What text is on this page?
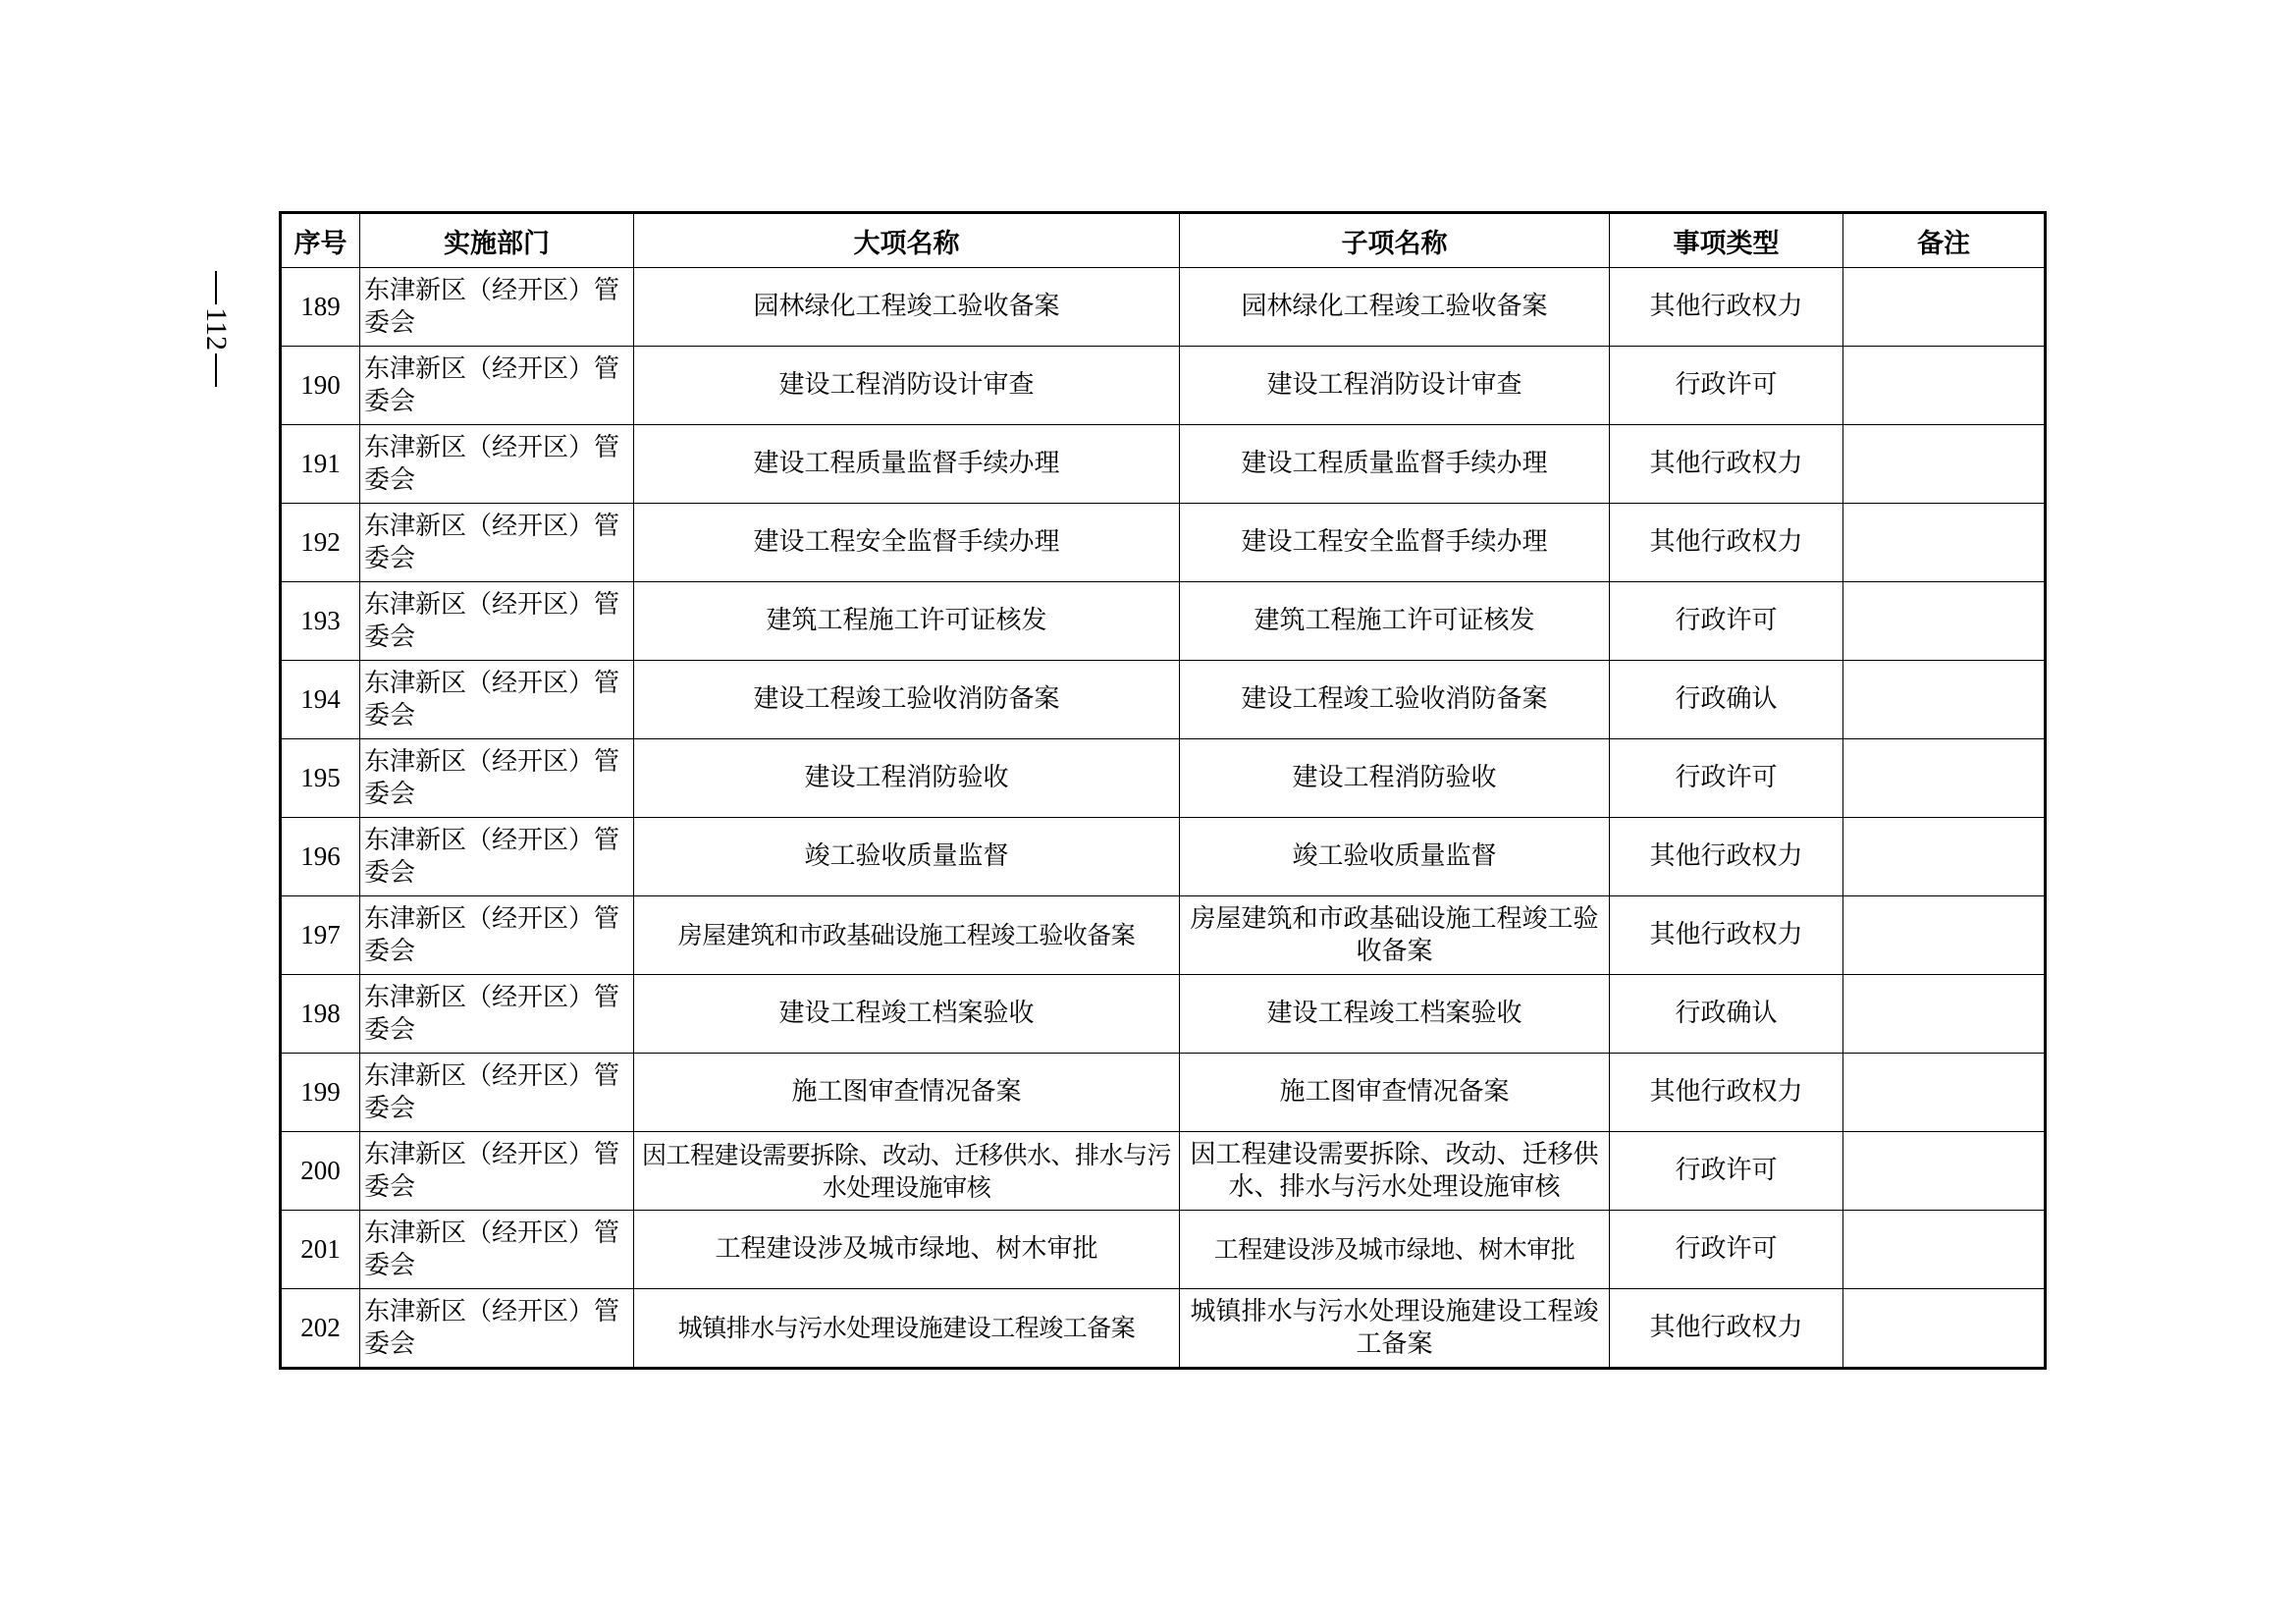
112
序号	实施部门	大项名称	子项名称	事项类型	备注
189	东津新区（经开区）管委会	园林绿化工程竣工验收备案	园林绿化工程竣工验收备案	其他行政权力	
190	东津新区（经开区）管委会	建设工程消防设计审查	建设工程消防设计审查	行政许可	
191	东津新区（经开区）管委会	建设工程质量监督手续办理	建设工程质量监督手续办理	其他行政权力	
192	东津新区（经开区）管委会	建设工程安全监督手续办理	建设工程安全监督手续办理	其他行政权力	
193	东津新区（经开区）管委会	建筑工程施工许可证核发	建筑工程施工许可证核发	行政许可	
194	东津新区（经开区）管委会	建设工程竣工验收消防备案	建设工程竣工验收消防备案	行政确认	
195	东津新区（经开区）管委会	建设工程消防验收	建设工程消防验收	行政许可	
196	东津新区（经开区）管委会	竣工验收质量监督	竣工验收质量监督	其他行政权力	
197	东津新区（经开区）管委会	房屋建筑和市政基础设施工程竣工验收备案	房屋建筑和市政基础设施工程竣工验收备案	其他行政权力	
198	东津新区（经开区）管委会	建设工程竣工档案验收	建设工程竣工档案验收	行政确认	
199	东津新区（经开区）管委会	施工图审查情况备案	施工图审查情况备案	其他行政权力	
200	东津新区（经开区）管委会	因工程建设需要拆除、改动、迁移供水、排水与污水处理设施审核	因工程建设需要拆除、改动、迁移供水、排水与污水处理设施审核	行政许可	
201	东津新区（经开区）管委会	工程建设涉及城市绿地、树木审批	工程建设涉及城市绿地、树木审批	行政许可	
202	东津新区（经开区）管委会	城镇排水与污水处理设施建设工程竣工备案	城镇排水与污水处理设施建设工程竣工备案	其他行政权力	
